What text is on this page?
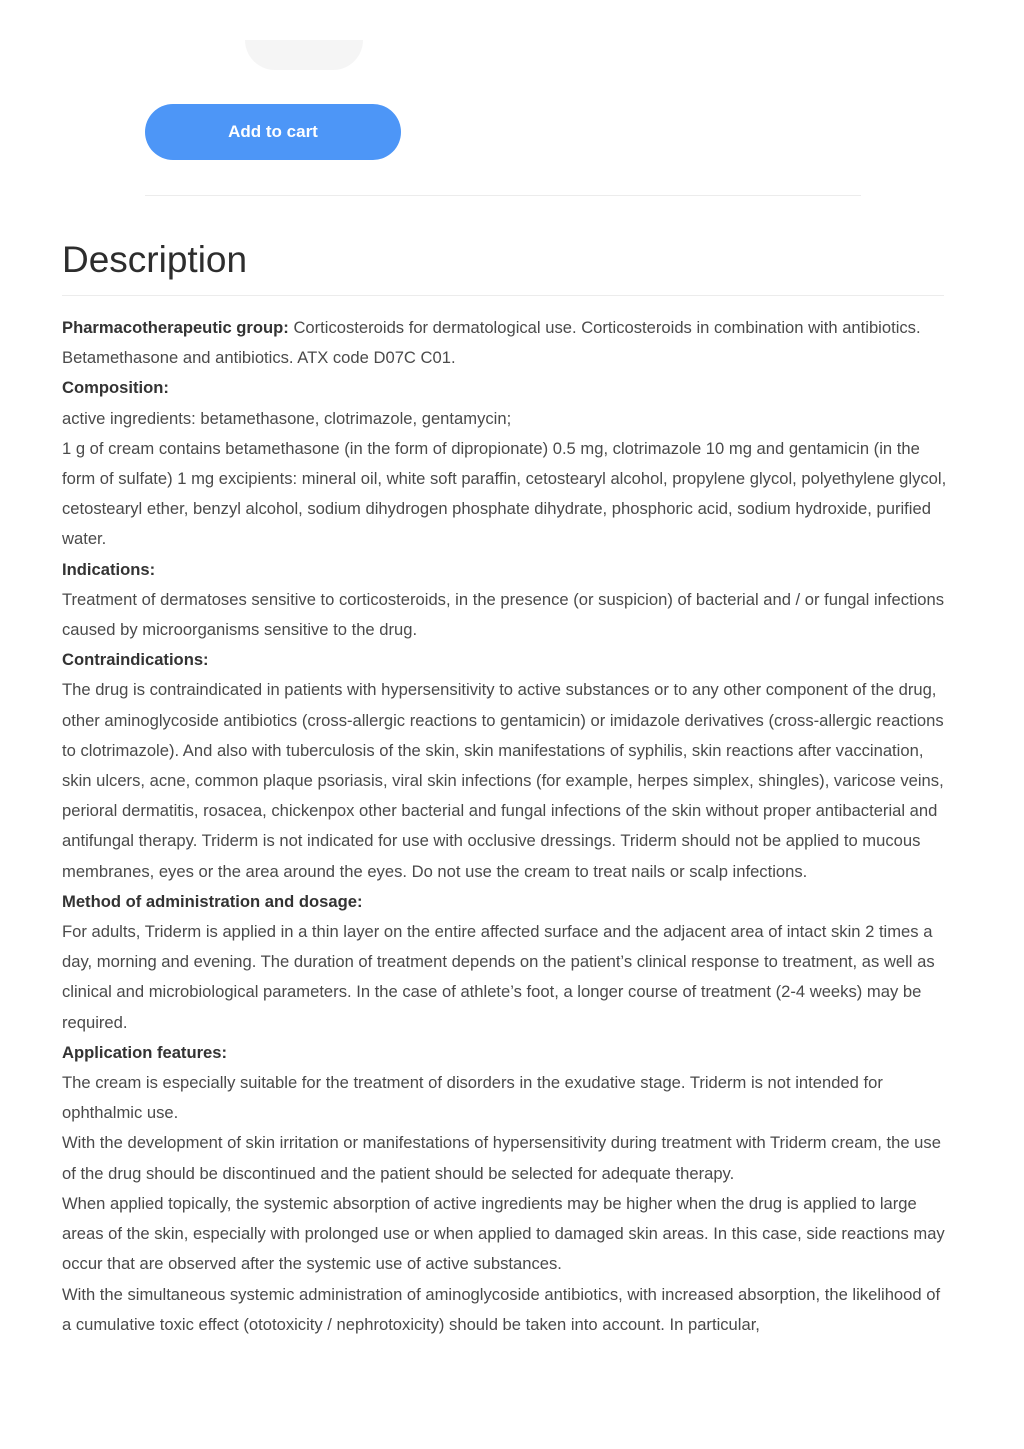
Add to cart
Description

Pharmacotherapeutic group: Corticosteroids for dermatological use. Corticosteroids in combination with antibiotics. Betamethasone and antibiotics. ATX code D07C C01.

Composition:

active ingredients: betamethasone, clotrimazole, gentamycin;

1 g of cream contains betamethasone (in the form of dipropionate) 0.5 mg, clotrimazole 10 mg and gentamicin (in the form of sulfate) 1 mg excipients: mineral oil, white soft paraffin, cetostearyl alcohol, propylene glycol, polyethylene glycol, cetostearyl ether, benzyl alcohol, sodium dihydrogen phosphate dihydrate, phosphoric acid, sodium hydroxide, purified water.

Indications:

Treatment of dermatoses sensitive to corticosteroids, in the presence (or suspicion) of bacterial and / or fungal infections caused by microorganisms sensitive to the drug.

Contraindications:

The drug is contraindicated in patients with hypersensitivity to active substances or to any other component of the drug, other aminoglycoside antibiotics (cross-allergic reactions to gentamicin) or imidazole derivatives (cross-allergic reactions to clotrimazole). And also with tuberculosis of the skin, skin manifestations of syphilis, skin reactions after vaccination, skin ulcers, acne, common plaque psoriasis, viral skin infections (for example, herpes simplex, shingles), varicose veins, perioral dermatitis, rosacea, chickenpox other bacterial and fungal infections of the skin without proper antibacterial and antifungal therapy. Triderm is not indicated for use with occlusive dressings. Triderm should not be applied to mucous membranes, eyes or the area around the eyes. Do not use the cream to treat nails or scalp infections.

Method of administration and dosage:

For adults, Triderm is applied in a thin layer on the entire affected surface and the adjacent area of intact skin 2 times a day, morning and evening. The duration of treatment depends on the patient’s clinical response to treatment, as well as clinical and microbiological parameters. In the case of athlete’s foot, a longer course of treatment (2-4 weeks) may be required.

Application features:

The cream is especially suitable for the treatment of disorders in the exudative stage. Triderm is not intended for ophthalmic use.

With the development of skin irritation or manifestations of hypersensitivity during treatment with Triderm cream, the use of the drug should be discontinued and the patient should be selected for adequate therapy.

When applied topically, the systemic absorption of active ingredients may be higher when the drug is applied to large areas of the skin, especially with prolonged use or when applied to damaged skin areas. In this case, side reactions may occur that are observed after the systemic use of active substances.

With the simultaneous systemic administration of aminoglycoside antibiotics, with increased absorption, the likelihood of a cumulative toxic effect (ototoxicity / nephrotoxicity) should be taken into account. In particular,
